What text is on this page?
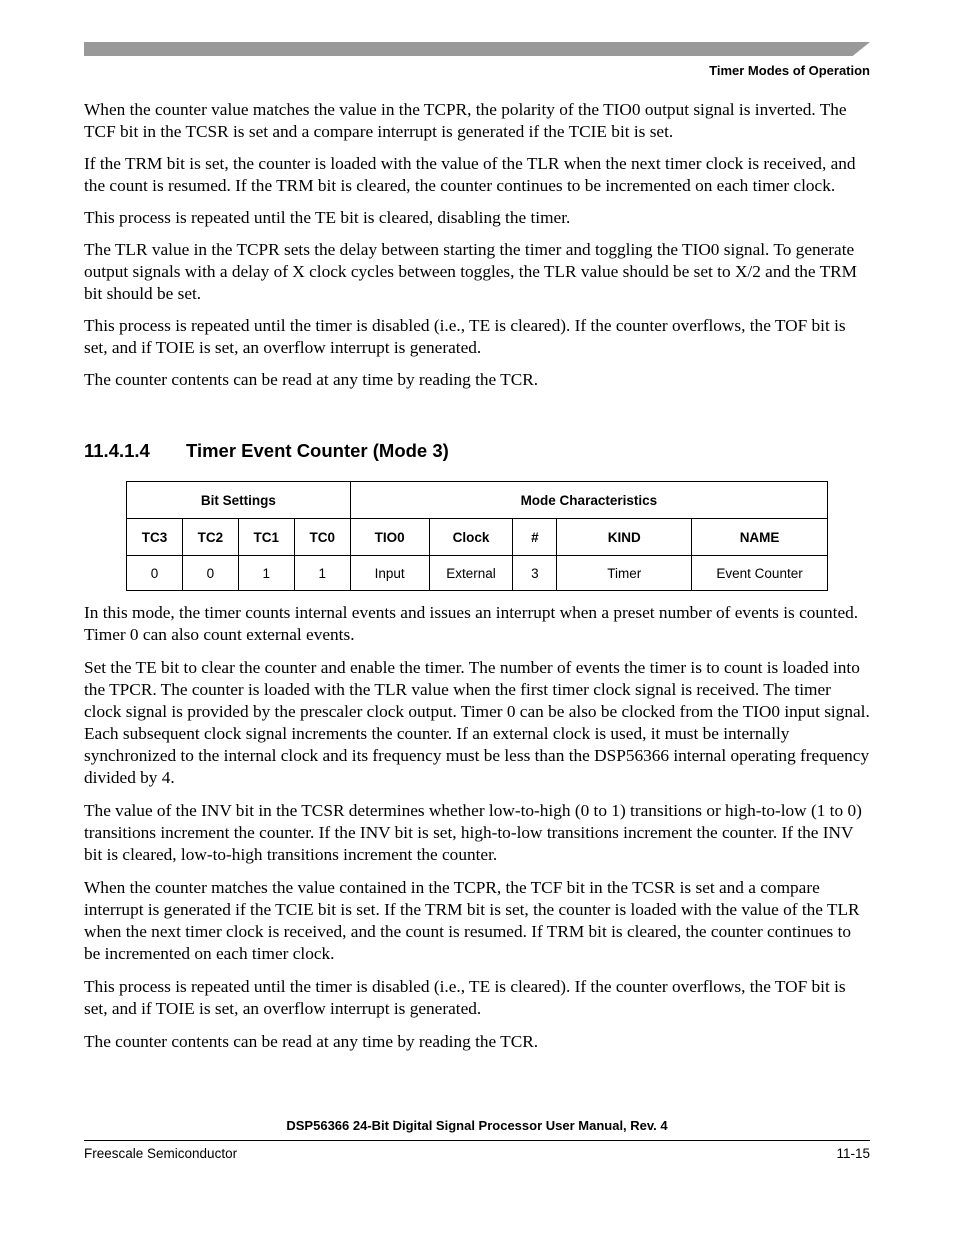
Timer Modes of Operation

When the counter value matches the value in the TCPR, the polarity of the TIO0 output signal is inverted. The TCF bit in the TCSR is set and a compare interrupt is generated if the TCIE bit is set.

If the TRM bit is set, the counter is loaded with the value of the TLR when the next timer clock is received, and the count is resumed. If the TRM bit is cleared, the counter continues to be incremented on each timer clock.

This process is repeated until the TE bit is cleared, disabling the timer.

The TLR value in the TCPR sets the delay between starting the timer and toggling the TIO0 signal. To generate output signals with a delay of X clock cycles between toggles, the TLR value should be set to X/2 and the TRM bit should be set.

This process is repeated until the timer is disabled (i.e., TE is cleared). If the counter overflows, the TOF bit is set, and if TOIE is set, an overflow interrupt is generated.

The counter contents can be read at any time by reading the TCR.

11.4.1.4 Timer Event Counter (Mode 3)
Bit Settings				Mode Characteristics				
TC3	TC2	TC1	TC0	TIO0	Clock	#	KIND	NAME
0	0	1	1	Input	External	3	Timer	Event Counter

In this mode, the timer counts internal events and issues an interrupt when a preset number of events is counted. Timer 0 can also count external events.

Set the TE bit to clear the counter and enable the timer. The number of events the timer is to count is loaded into the TPCR. The counter is loaded with the TLR value when the first timer clock signal is received. The timer clock signal is provided by the prescaler clock output. Timer 0 can be also be clocked from the TIO0 input signal. Each subsequent clock signal increments the counter. If an external clock is used, it must be internally synchronized to the internal clock and its frequency must be less than the DSP56366 internal operating frequency divided by 4.

The value of the INV bit in the TCSR determines whether low-to-high (0 to 1) transitions or high-to-low (1 to 0) transitions increment the counter. If the INV bit is set, high-to-low transitions increment the counter. If the INV bit is cleared, low-to-high transitions increment the counter.

When the counter matches the value contained in the TCPR, the TCF bit in the TCSR is set and a compare interrupt is generated if the TCIE bit is set. If the TRM bit is set, the counter is loaded with the value of the TLR when the next timer clock is received, and the count is resumed. If TRM bit is cleared, the counter continues to be incremented on each timer clock.

This process is repeated until the timer is disabled (i.e., TE is cleared). If the counter overflows, the TOF bit is set, and if TOIE is set, an overflow interrupt is generated.

The counter contents can be read at any time by reading the TCR.

DSP56366 24-Bit Digital Signal Processor User Manual, Rev. 4
Freescale Semiconductor	11-15
